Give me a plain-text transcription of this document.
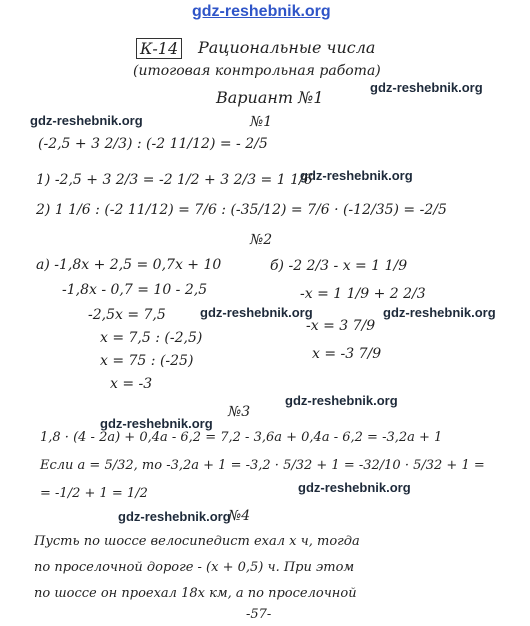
gdz-reshebnik.org
gdz-reshebnik.org
gdz-reshebnik.org
gdz-reshebnik.org
gdz-reshebnik.org	gdz-reshebnik.org
gdz-reshebnik.org
gdz-reshebnik.org
gdz-reshebnik.org
gdz-reshebnik.org
К-14 Рациональные числа
(итоговая контрольная работа)
Вариант №1
№1
(-2,5 + 3 2/3) : (-2 11/12) = - 2/5
1) -2,5 + 3 2/3 = -2 1/2 + 3 2/3 = 1 1/6
2) 1 1/6 : (-2 11/12) = 7/6 : (-35/12) = 7/6 · (-12/35) = -2/5
№2
а) -1,8x + 2,5 = 0,7x + 10
-1,8x - 0,7 = 10 - 2,5
-2,5x = 7,5
x = 7,5 : (-2,5)
x = 75 : (-25)
x = -3
б) -2 2/3 - x = 1 1/9
-x = 1 1/9 + 2 2/3
-x = 3 7/9
x = -3 7/9
№3
1,8 · (4 - 2a) + 0,4a - 6,2 = 7,2 - 3,6a + 0,4a - 6,2 = -3,2a + 1
Если a = 5/32, то -3,2a + 1 = -3,2 · 5/32 + 1 = -32/10 · 5/32 + 1 =
= -1/2 + 1 = 1/2
№4
Пусть по шоссе велосипедист ехал x ч, тогда
по проселочной дороге - (x + 0,5) ч. При этом
по шоссе он проехал 18x км, а по проселочной
-57-
